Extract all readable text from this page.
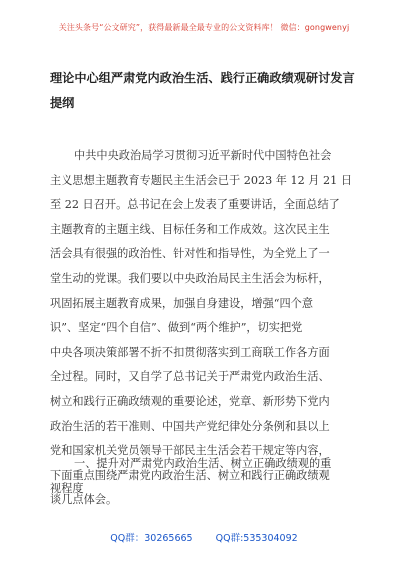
关注头条号“公文研究”，获得最新最全最专业的公文资料库！ 微信：gongwenyj
理论中心组严肃党内政治生活、践行正确政绩观研讨发言
提纲
中共中央政治局学习贯彻习近平新时代中国特色社会
主义思想主题教育专题民主生活会已于 2023 年 12 月 21 日
至 22 日召开。总书记在会上发表了重要讲话，全面总结了
主题教育的主题主线、目标任务和工作成效。这次民主生
活会具有很强的政治性、针对性和指导性，为全党上了一
堂生动的党课。我们要以中央政治局民主生活会为标杆，
巩固拓展主题教育成果，加强自身建设，增强“四个意
识”、坚定“四个自信”、做到“两个维护”，切实把党
中央各项决策部署不折不扣贯彻落实到工商联工作各方面
全过程。同时，又自学了总书记关于严肃党内政治生活、
树立和践行正确政绩观的重要论述，党章、新形势下党内
政治生活的若干准则、中国共产党纪律处分条例和县以上
党和国家机关党员领导干部民主生活会若干规定等内容，
下面重点围绕严肃党内政治生活、树立和践行正确政绩观
谈几点体会。
一、提升对严肃党内政治生活、树立正确政绩观的重
视程度
QQ群：30265665 QQ群:535304092
